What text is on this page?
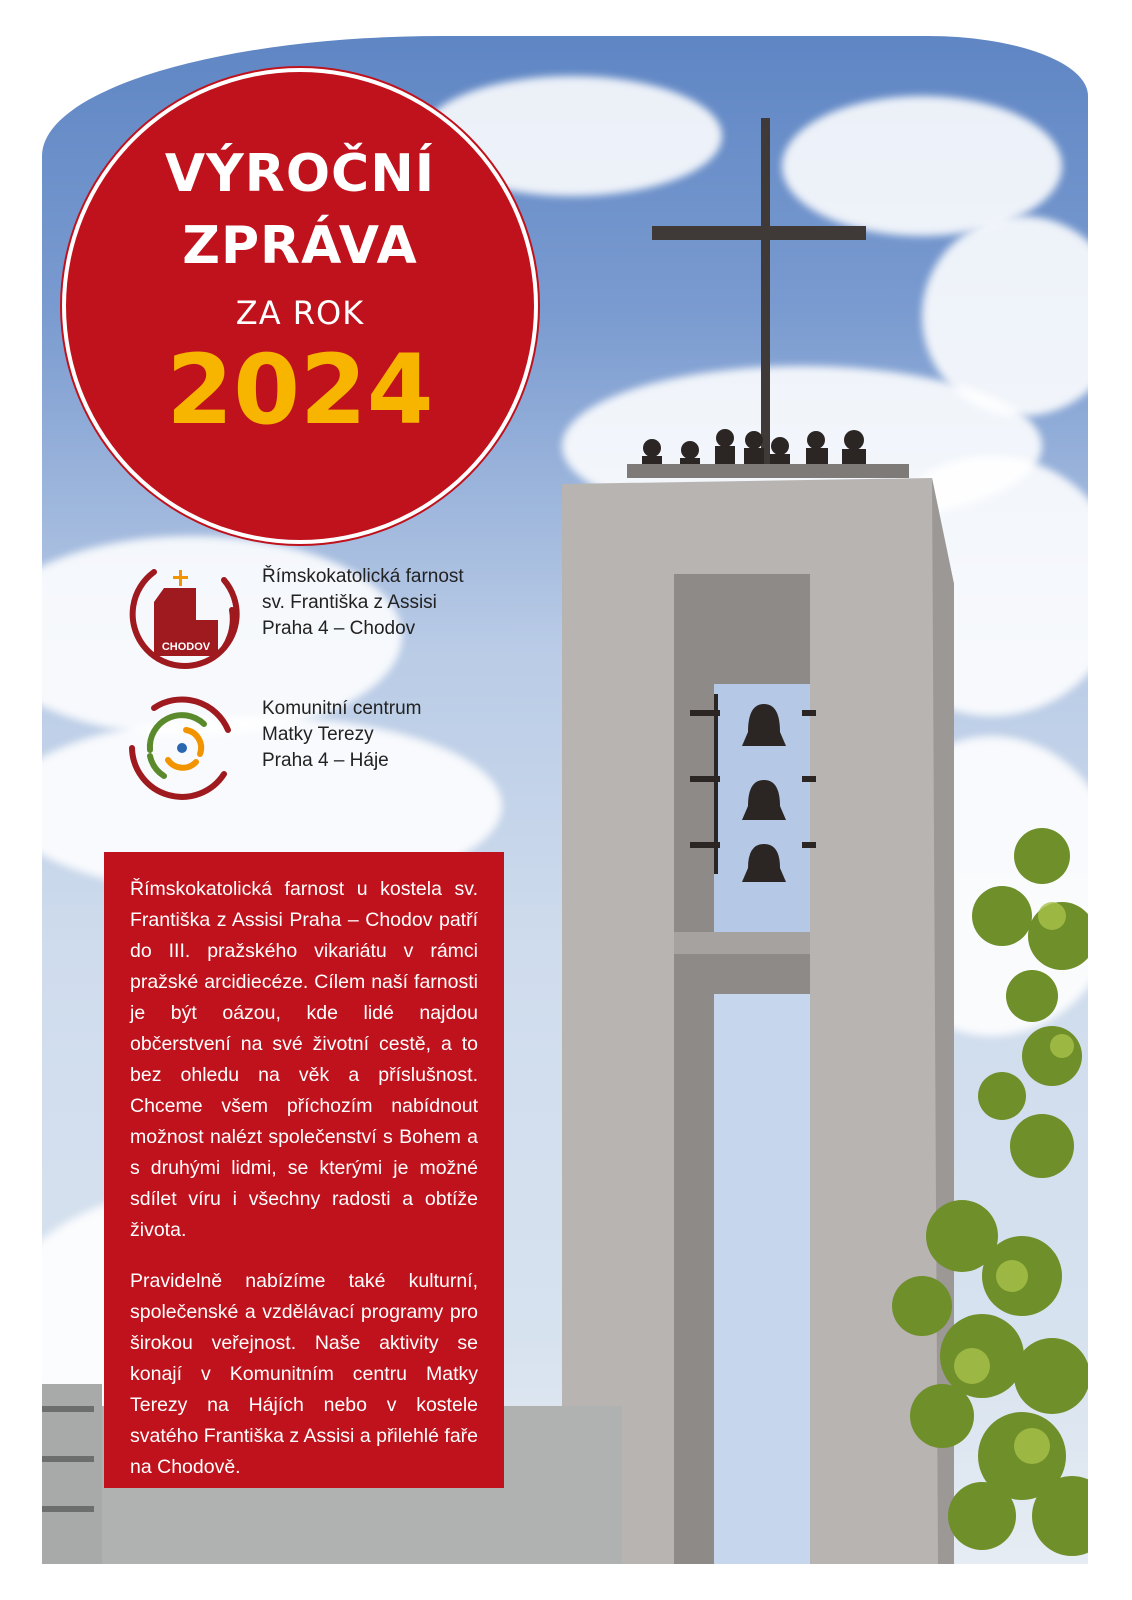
VÝROČNÍ
ZPRÁVA
ZA ROK
2024
CHODOV
Římskokatolická farnost
sv. Františka z Assisi
Praha 4 – Chodov
Komunitní centrum
Matky Terezy
Praha 4 – Háje

Římskokatolická farnost u kostela sv. Františka z Assisi Praha – Chodov patří do III. pražského vikariátu v rámci pražské arcidiecéze. Cílem naší farnosti je být oázou, kde lidé najdou občerstvení na své životní cestě, a to bez ohledu na věk a příslušnost. Chceme všem příchozím nabídnout možnost nalézt společenství s Bohem a s druhými lidmi, se kterými je možné sdílet víru i všechny radosti a obtíže života.

Pravidelně nabízíme také kulturní, společenské a vzdělávací programy pro širokou veřejnost. Naše aktivity se konají v Komunitním centru Matky Terezy na Hájích nebo v kostele svatého Františka z Assisi a přilehlé faře na Chodově.
